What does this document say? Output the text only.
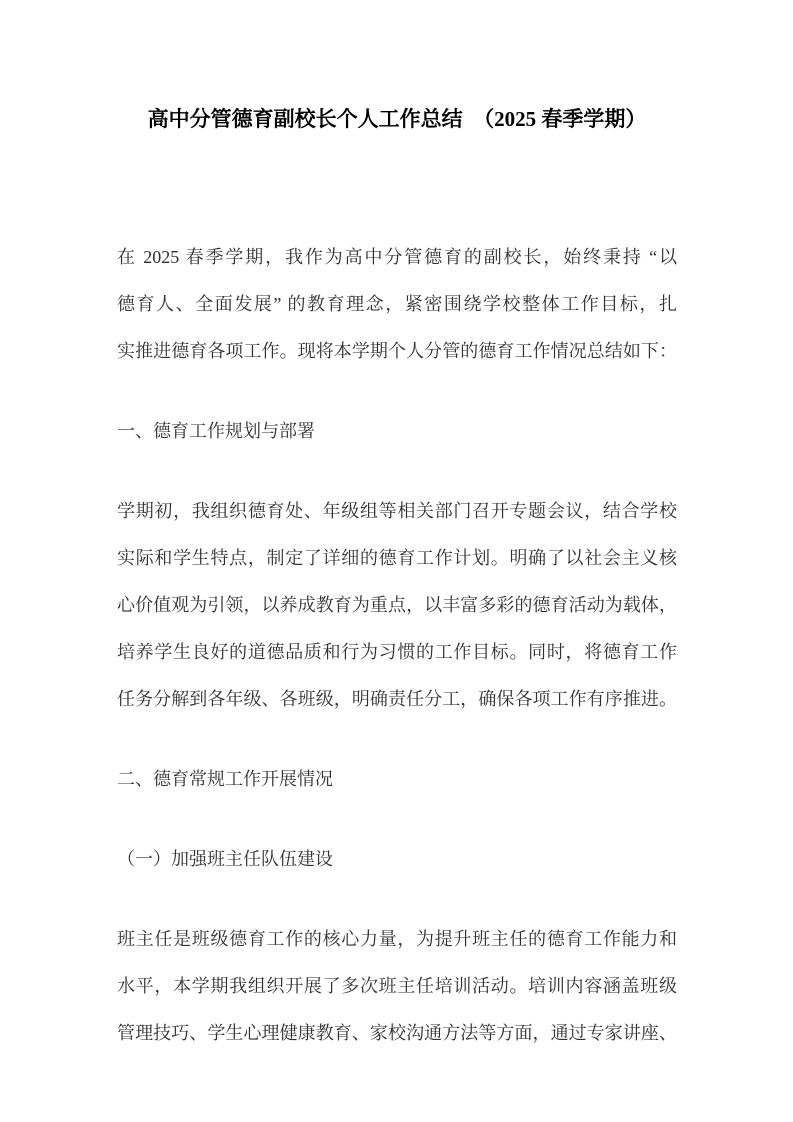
高中分管德育副校长个人工作总结　（2025 春季学期）
在 2025 春季学期，我作为高中分管德育的副校长，始终秉持 “以
德育人、全面发展” 的教育理念，紧密围绕学校整体工作目标，扎
实推进德育各项工作。现将本学期个人分管的德育工作情况总结如下：
一、德育工作规划与部署
学期初，我组织德育处、年级组等相关部门召开专题会议，结合学校
实际和学生特点，制定了详细的德育工作计划。明确了以社会主义核
心价值观为引领，以养成教育为重点，以丰富多彩的德育活动为载体，
培养学生良好的道德品质和行为习惯的工作目标。同时，将德育工作
任务分解到各年级、各班级，明确责任分工，确保各项工作有序推进。
二、德育常规工作开展情况
（一）加强班主任队伍建设
班主任是班级德育工作的核心力量，为提升班主任的德育工作能力和
水平，本学期我组织开展了多次班主任培训活动。培训内容涵盖班级
管理技巧、学生心理健康教育、家校沟通方法等方面，通过专家讲座、
